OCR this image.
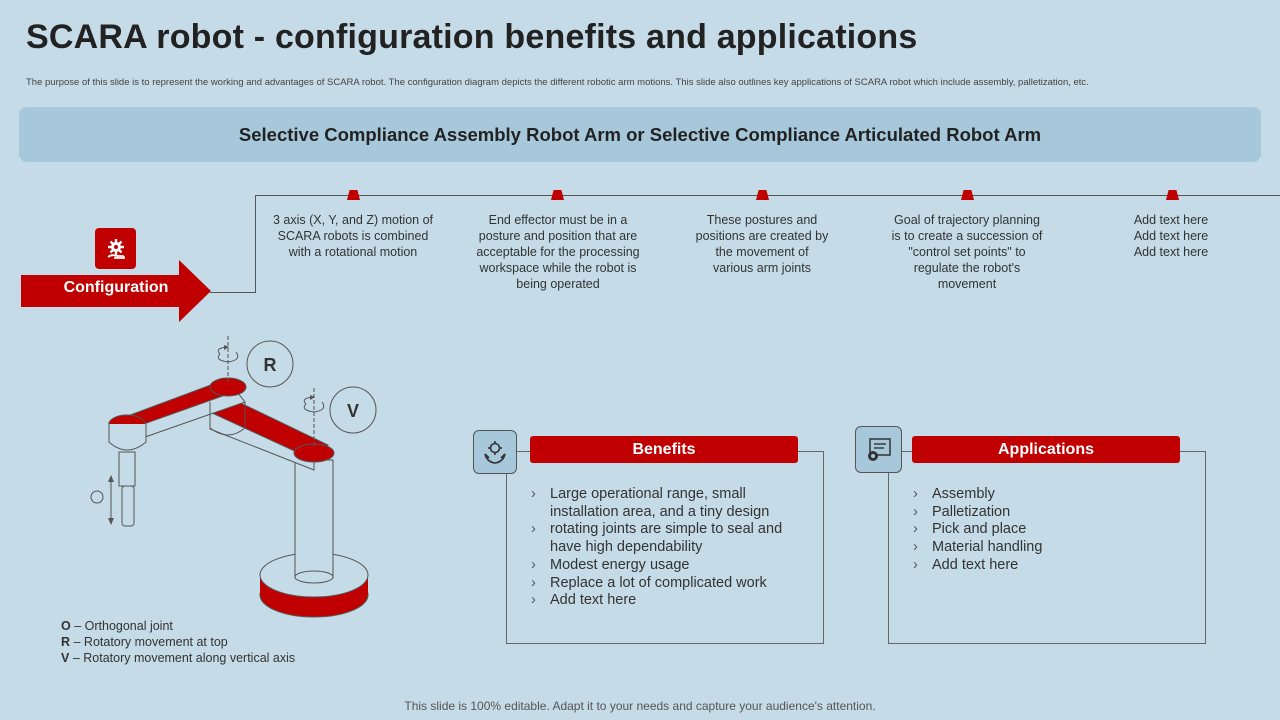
SCARA robot - configuration benefits and applications
The purpose of this slide is to represent the working and advantages of SCARA robot. The configuration diagram depicts the different robotic arm motions. This slide also outlines key applications of SCARA robot which include assembly, palletization, etc.
Selective Compliance Assembly Robot Arm or Selective Compliance Articulated Robot Arm
3 axis (X, Y, and Z) motion of SCARA robots is combined with a rotational motion
End effector must be in a posture and position that are acceptable for the processing workspace while the robot is being operated
These postures and positions are created by the movement of various arm joints
Goal of trajectory planning is to create a succession of "control set points" to regulate the robot's movement
Add text here Add text here Add text here
Configuration
R
V
O – Orthogonal joint
R – Rotatory movement at top
V – Rotatory movement along vertical axis
Benefits
› Large operational range, small installation area, and a tiny design
› rotating joints are simple to seal and have high dependability
› Modest energy usage
› Replace a lot of complicated work
› Add text here
Applications
› Assembly
› Palletization
› Pick and place
› Material handling
› Add text here
This slide is 100% editable. Adapt it to your needs and capture your audience's attention.
